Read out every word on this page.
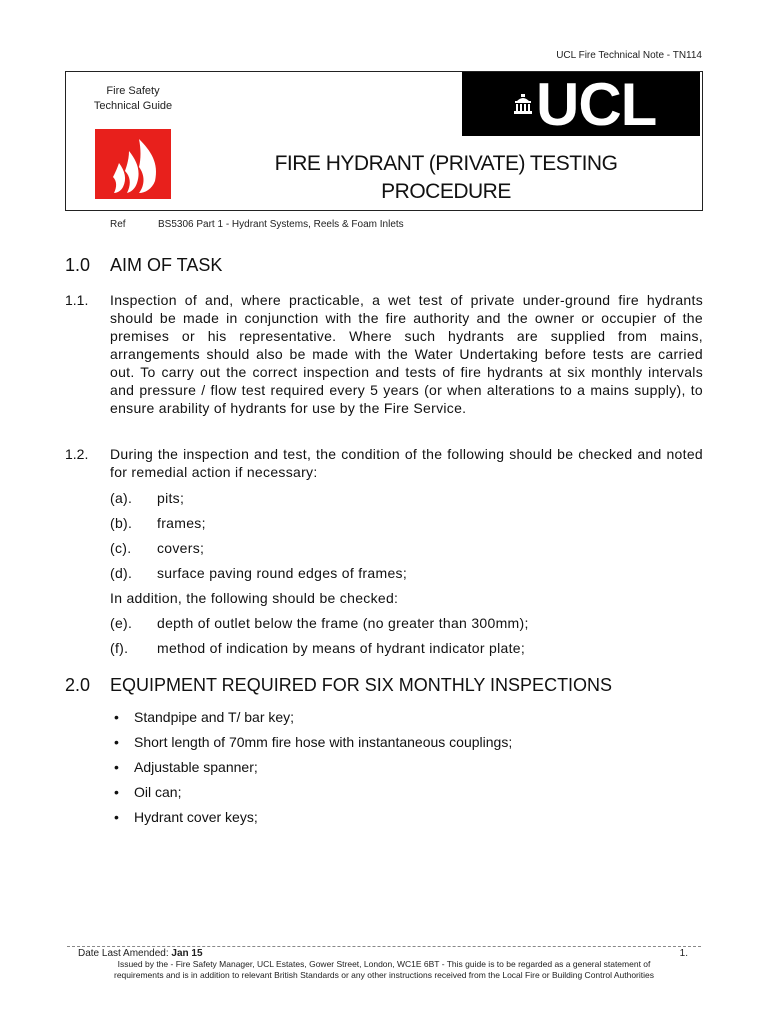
UCL Fire Technical Note - TN114
Fire Safety
Technical Guide	UCL
FIRE HYDRANT (PRIVATE) TESTING
PROCEDURE
Ref	BS5306 Part 1 - Hydrant Systems, Reels & Foam Inlets
1.0 AIM OF TASK
1.1. Inspection of and, where practicable, a wet test of private under-ground fire hydrants should be made in conjunction with the fire authority and the owner or occupier of the premises or his representative. Where such hydrants are supplied from mains, arrangements should also be made with the Water Undertaking before tests are carried out. To carry out the correct inspection and tests of fire hydrants at six monthly intervals and pressure / flow test required every 5 years (or when alterations to a mains supply), to ensure arability of hydrants for use by the Fire Service.
1.2. During the inspection and test, the condition of the following should be checked and noted for remedial action if necessary:
(a). pits;
(b). frames;
(c). covers;
(d). surface paving round edges of frames;
In addition, the following should be checked:
(e). depth of outlet below the frame (no greater than 300mm);
(f). method of indication by means of hydrant indicator plate;
2.0 EQUIPMENT REQUIRED FOR SIX MONTHLY INSPECTIONS
• Standpipe and T/ bar key;
• Short length of 70mm fire hose with instantaneous couplings;
• Adjustable spanner;
• Oil can;
• Hydrant cover keys;
Date Last Amended: Jan 15	1.
Issued by the - Fire Safety Manager, UCL Estates, Gower Street, London, WC1E 6BT - This guide is to be regarded as a general statement of
requirements and is in addition to relevant British Standards or any other instructions received from the Local Fire or Building Control Authorities
